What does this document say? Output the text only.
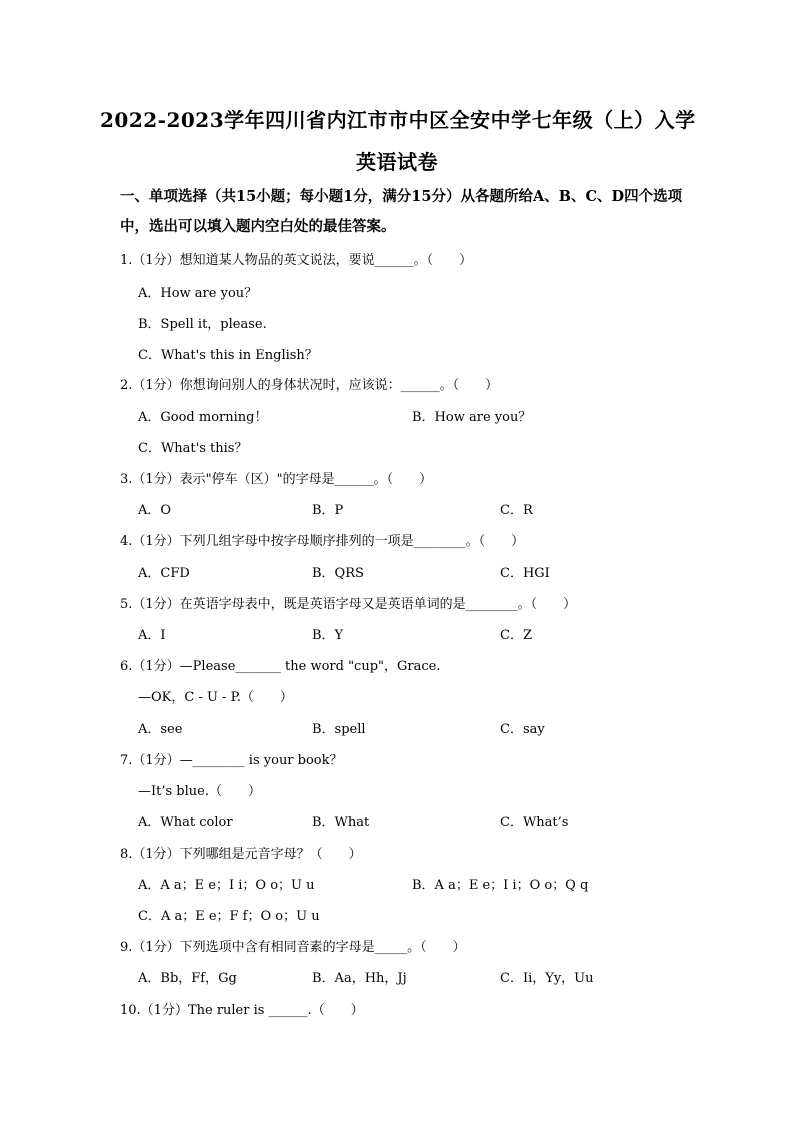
2022-2023学年四川省内江市市中区全安中学七年级（上）入学
英语试卷
一、单项选择（共15小题；每小题1分，满分15分）从各题所给A、B、C、D四个选项
中，选出可以填入题内空白处的最佳答案。
1.（1分）想知道某人物品的英文说法，要说______。（　　）
A．How are you？
B．Spell it，please.
C．What's this in English？
2.（1分）你想询问别人的身体状况时，应该说：______。（　　）
A．Good morning！	B．How are you？
C．What's this？
3.（1分）表示"停车（区）"的字母是______。（　　）
A．O	B．P	C．R
4.（1分）下列几组字母中按字母顺序排列的一项是________。（　　）
A．CFD	B．QRS	C．HGI
5.（1分）在英语字母表中，既是英语字母又是英语单词的是________。（　　）
A．I	B．Y	C．Z
6.（1分）—Please_______ the word "cup"，Grace.
—OK，C - U - P.（　　）
A．see	B．spell	C．say
7.（1分）—________ is your book？
—It’s blue.（　　）
A．What color	B．What	C．What’s
8.（1分）下列哪组是元音字母？（　　）
A．A a；E e；I i；O o；U u	B．A a；E e；I i；O o；Q q
C．A a；E e；F f；O o；U u
9.（1分）下列选项中含有相同音素的字母是_____。（　　）
A．Bb，Ff，Gg	B．Aa，Hh，Jj	C．Ii，Yy，Uu
10.（1分）The ruler is ______.（　　）
